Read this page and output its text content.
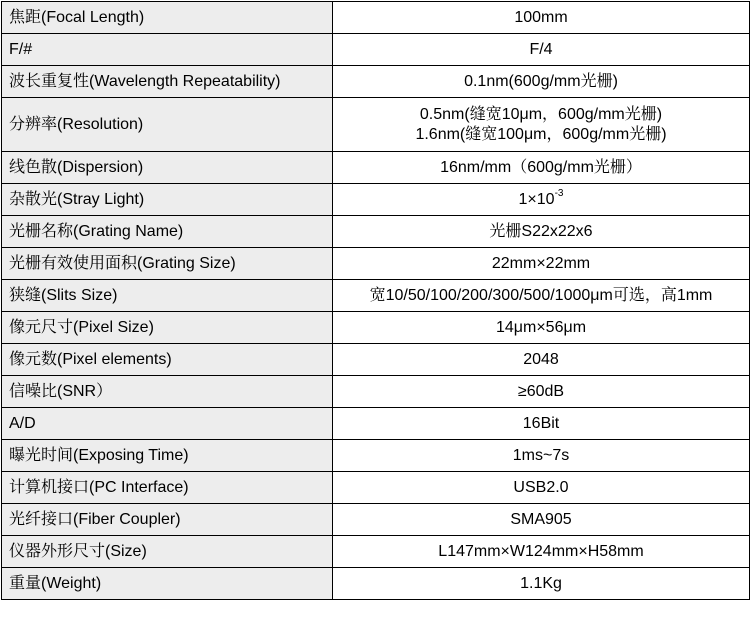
焦距(Focal Length)	100mm
F/#	F/4
波长重复性(Wavelength Repeatability)	0.1nm(600g/mm光栅)
分辨率(Resolution)	0.5nm(缝宽10μm，600g/mm光栅)
1.6nm(缝宽100μm，600g/mm光栅)

线色散(Dispersion)	16nm/mm（600g/mm光栅）
杂散光(Stray Light)	$1\times 10^{-3}$
光栅名称(Grating Name)	光栅S22x22x6
光栅有效使用面积(Grating Size)	22mm×22mm
狭缝(Slits Size)	宽10/50/100/200/300/500/1000μm可选，高1mm
像元尺寸(Pixel Size)	14μm×56μm
像元数(Pixel elements)	2048
信噪比(SNR）	≥60dB
A/D	16Bit
曝光时间(Exposing Time)	1ms~7s
计算机接口(PC Interface)	USB2.0
光纤接口(Fiber Coupler)	SMA905
仪器外形尺寸(Size)	L147mm×W124mm×H58mm
重量(Weight)	1.1Kg
